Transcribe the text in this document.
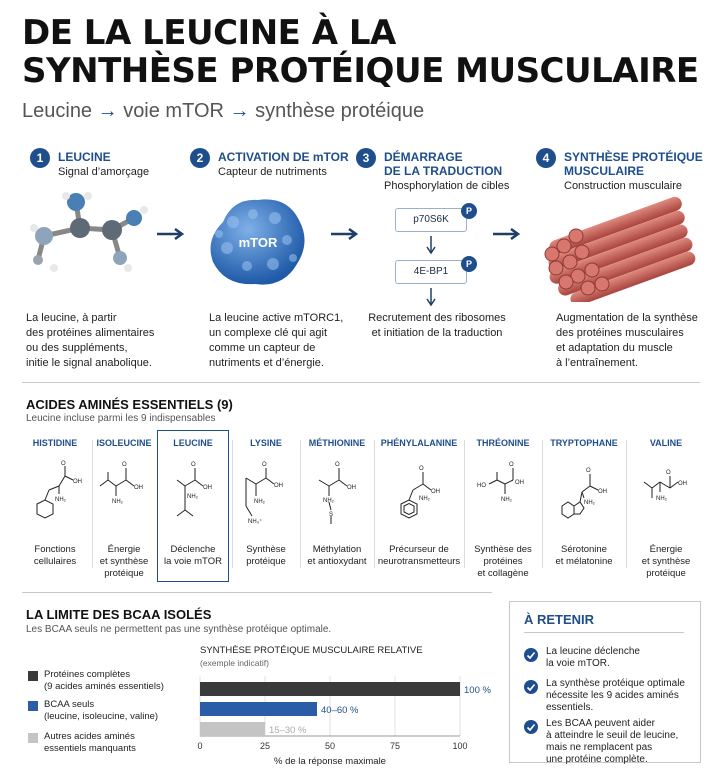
DE LA LEUCINE À LA
SYNTHÈSE PROTÉIQUE MUSCULAIRE
Leucine → voie mTOR → synthèse protéique
1	LEUCINE
Signal d’amorçage
La leucine, à partir
des protéines alimentaires
ou des suppléments,
initie le signal anabolique.
2	ACTIVATION DE mTOR
Capteur de nutriments
mTOR
La leucine active mTORC1,
un complexe clé qui agit
comme un capteur de
nutriments et d’énergie.
3	DÉMARRAGE
DE LA TRADUCTION
Phosphorylation de cibles
p70S6K
P
4E-BP1
P
Recrutement des ribosomes
et initiation de la traduction
4	SYNTHÈSE PROTÉIQUE
MUSCULAIRE
Construction musculaire
Augmentation de la synthèse
des protéines musculaires
et adaptation du muscle
à l’entraînement.
ACIDES AMINÉS ESSENTIELS (9)
Leucine incluse parmi les 9 indispensables
HISTIDINE
O
OH
NH₂
Fonctions
cellulaires
ISOLEUCINE
O
OH
NH₂
Énergie
et synthèse
protéique
LEUCINE
O
OH
NH₂
Déclenche
la voie mTOR
LYSINE
O
OH
NH₂
NH₃⁺
Synthèse
protéique
MÉTHIONINE
O
OH
NH₂
S
Méthylation
et antioxydant
PHÉNYLALANINE
O
OH
NH₂
Précurseur de
neurotransmetteurs
THRÉONINE
HO
O
OH
NH₂
Synthèse des
protéines
et collagène
TRYPTOPHANE
O
OH
NH₂
Sérotonine
et mélatonine
VALINE
O
OH
NH₂
Énergie
et synthèse
protéique
LA LIMITE DES BCAA ISOLÉS
Les BCAA seuls ne permettent pas une synthèse protéique optimale.
Protéines complètes
(9 acides aminés essentiels)
BCAA seuls
(leucine, isoleucine, valine)
Autres acides aminés
essentiels manquants
SYNTHÈSE PROTÉIQUE MUSCULAIRE RELATIVE
(exemple indicatif)
0	25	50	75	100
100 %
40–60 %
15–30 %
% de la réponse maximale
À RETENIR
La leucine déclenche
la voie mTOR.
La synthèse protéique optimale
nécessite les 9 acides aminés
essentiels.
Les BCAA peuvent aider
à atteindre le seuil de leucine,
mais ne remplacent pas
une protéine complète.
